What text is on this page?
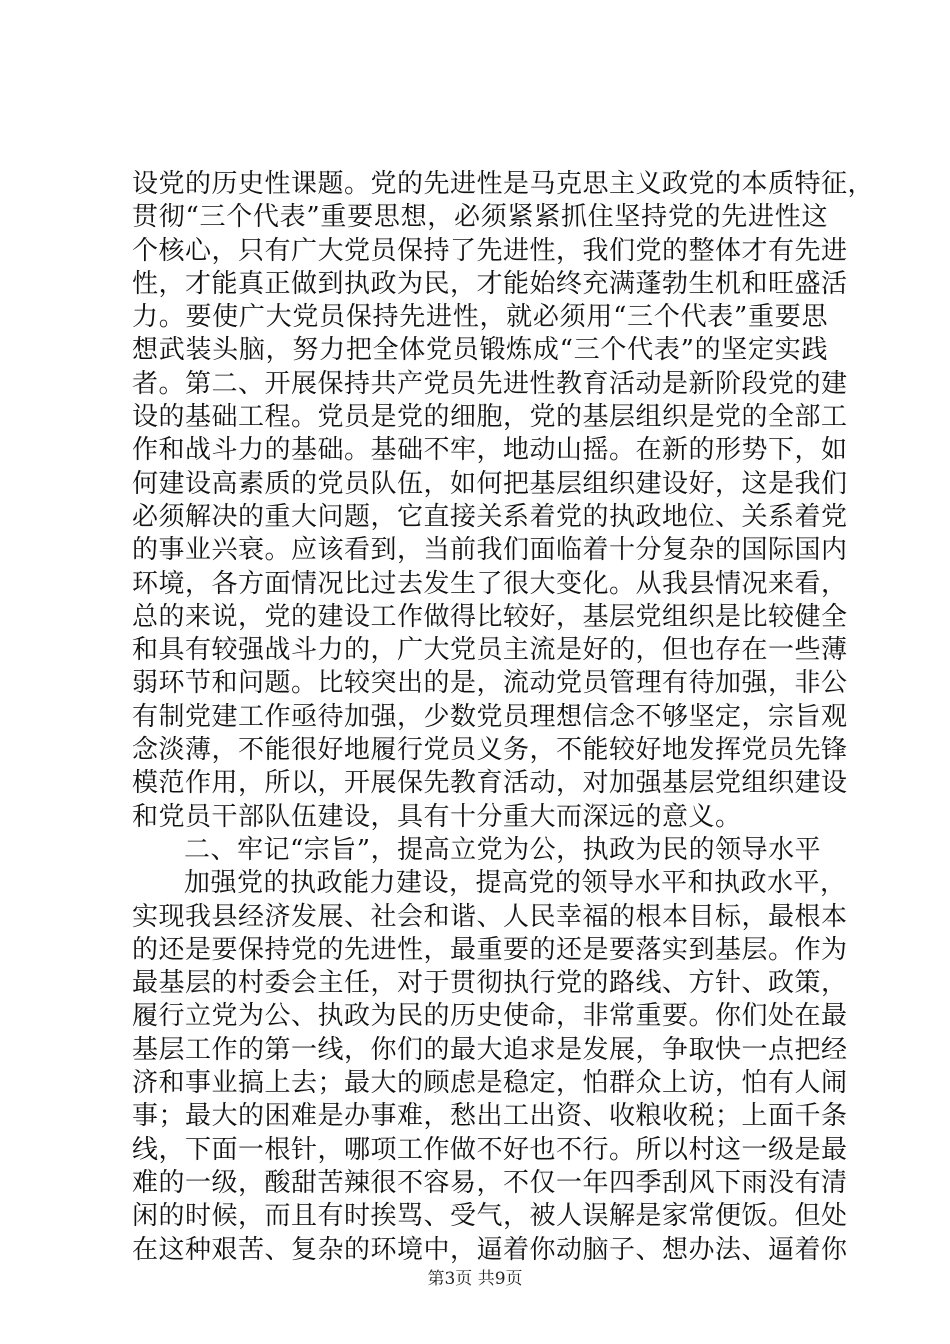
设党的历史性课题。党的先进性是马克思主义政党的本质特征，
贯彻“三个代表”重要思想，必须紧紧抓住坚持党的先进性这
个核心，只有广大党员保持了先进性，我们党的整体才有先进
性，才能真正做到执政为民，才能始终充满蓬勃生机和旺盛活
力。要使广大党员保持先进性，就必须用“三个代表”重要思
想武装头脑，努力把全体党员锻炼成“三个代表”的坚定实践
者。第二、开展保持共产党员先进性教育活动是新阶段党的建
设的基础工程。党员是党的细胞，党的基层组织是党的全部工
作和战斗力的基础。基础不牢，地动山摇。在新的形势下，如
何建设高素质的党员队伍，如何把基层组织建设好，这是我们
必须解决的重大问题，它直接关系着党的执政地位、关系着党
的事业兴衰。应该看到，当前我们面临着十分复杂的国际国内
环境，各方面情况比过去发生了很大变化。从我县情况来看，
总的来说，党的建设工作做得比较好，基层党组织是比较健全
和具有较强战斗力的，广大党员主流是好的，但也存在一些薄
弱环节和问题。比较突出的是，流动党员管理有待加强，非公
有制党建工作亟待加强，少数党员理想信念不够坚定，宗旨观
念淡薄，不能很好地履行党员义务，不能较好地发挥党员先锋
模范作用，所以，开展保先教育活动，对加强基层党组织建设
和党员干部队伍建设，具有十分重大而深远的意义。
二、牢记“宗旨”，提高立党为公，执政为民的领导水平
加强党的执政能力建设，提高党的领导水平和执政水平，
实现我县经济发展、社会和谐、人民幸福的根本目标，最根本
的还是要保持党的先进性，最重要的还是要落实到基层。作为
最基层的村委会主任，对于贯彻执行党的路线、方针、政策，
履行立党为公、执政为民的历史使命，非常重要。你们处在最
基层工作的第一线，你们的最大追求是发展，争取快一点把经
济和事业搞上去；最大的顾虑是稳定，怕群众上访，怕有人闹
事；最大的困难是办事难，愁出工出资、收粮收税；上面千条
线，下面一根针，哪项工作做不好也不行。所以村这一级是最
难的一级，酸甜苦辣很不容易，不仅一年四季刮风下雨没有清
闲的时候，而且有时挨骂、受气，被人误解是家常便饭。但处
在这种艰苦、复杂的环境中，逼着你动脑子、想办法、逼着你
第3页 共9页
